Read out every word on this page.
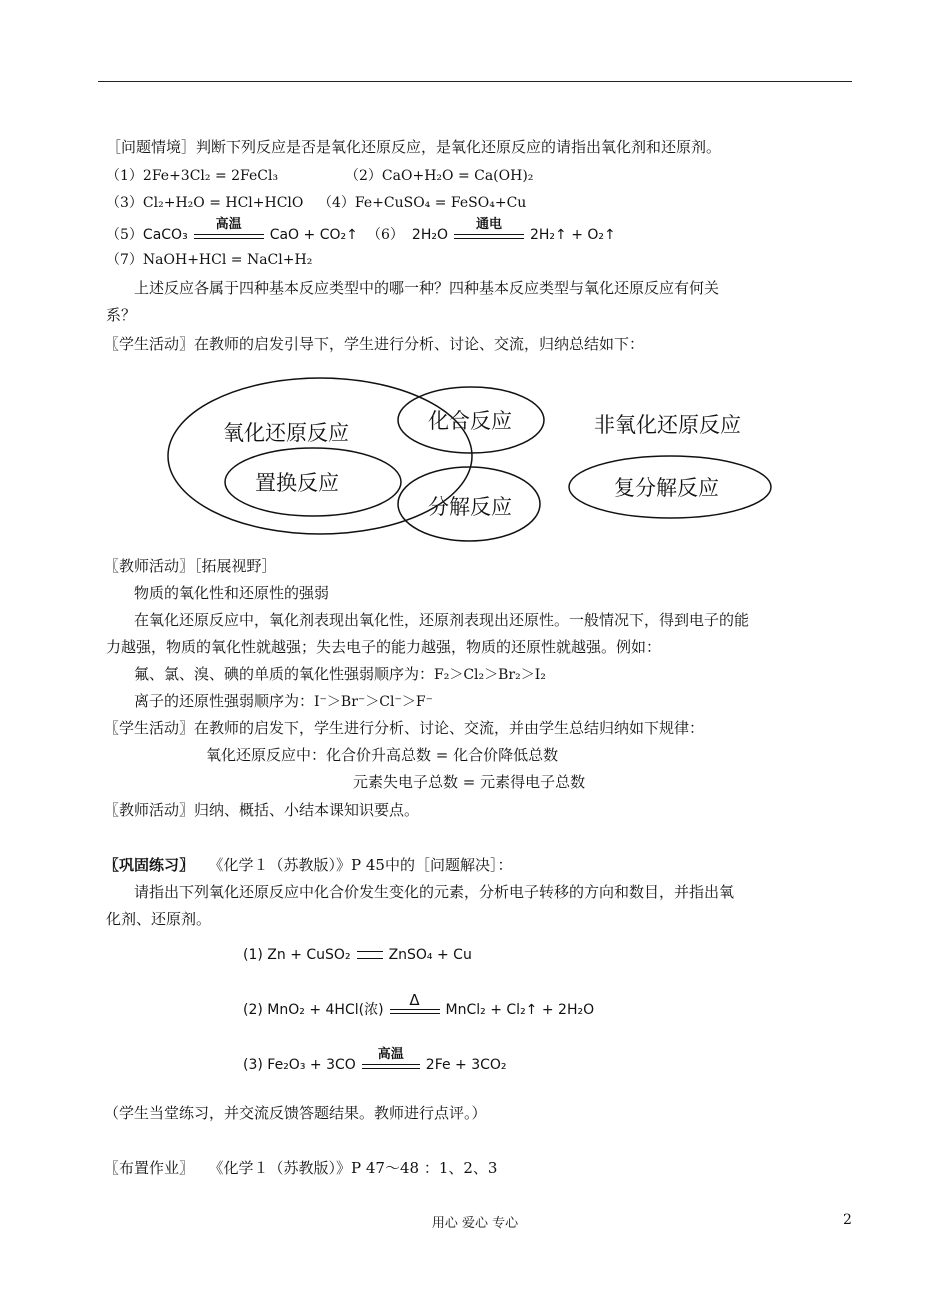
［问题情境］判断下列反应是否是氧化还原反应，是氧化还原反应的请指出氧化剂和还原剂。
（1）2Fe+3Cl₂ = 2FeCl₃	（2）CaO+H₂O = Ca(OH)₂
（3）Cl₂+H₂O = HCl+HClO （4）Fe+CuSO₄ = FeSO₄+Cu
（5）CaCO₃
高温
CaO + CO₂↑ （6） 2H₂O
通电
2H₂↑ + O₂↑
（7）NaOH+HCl = NaCl+H₂
上述反应各属于四种基本反应类型中的哪一种？四种基本反应类型与氧化还原反应有何关
系？
〖学生活动〗在教师的启发引导下，学生进行分析、讨论、交流，归纳总结如下：
氧化还原反应	化合反应
置换反应
分解反应
非氧化还原反应
复分解反应
〖教师活动〗［拓展视野］
物质的氧化性和还原性的强弱
在氧化还原反应中，氧化剂表现出氧化性，还原剂表现出还原性。一般情况下，得到电子的能
力越强，物质的氧化性就越强；失去电子的能力越强，物质的还原性就越强。例如：
氟、氯、溴、碘的单质的氧化性强弱顺序为：F₂＞Cl₂＞Br₂＞I₂
离子的还原性强弱顺序为：I⁻＞Br⁻＞Cl⁻＞F⁻
〖学生活动〗在教师的启发下，学生进行分析、讨论、交流，并由学生总结归纳如下规律：
氧化还原反应中：化合价升高总数 = 化合价降低总数
元素失电子总数 = 元素得电子总数
〖教师活动〗归纳、概括、小结本课知识要点。
〖巩固练习〗 《化学１（苏教版）》P 45中的［问题解决］：
请指出下列氧化还原反应中化合价发生变化的元素，分析电子转移的方向和数目，并指出氧
化剂、还原剂。
(1) Zn + CuSO₂	ZnSO₄ + Cu
(2) MnO₂ + 4HCl(浓)
Δ
MnCl₂ + Cl₂↑ + 2H₂O
(3) Fe₂O₃ + 3CO
高温
2Fe + 3CO₂
（学生当堂练习，并交流反馈答题结果。教师进行点评。）
〖布置作业〗 《化学１（苏教版）》P 47～48 ：1、2、3
用心 爱心 专心	2
